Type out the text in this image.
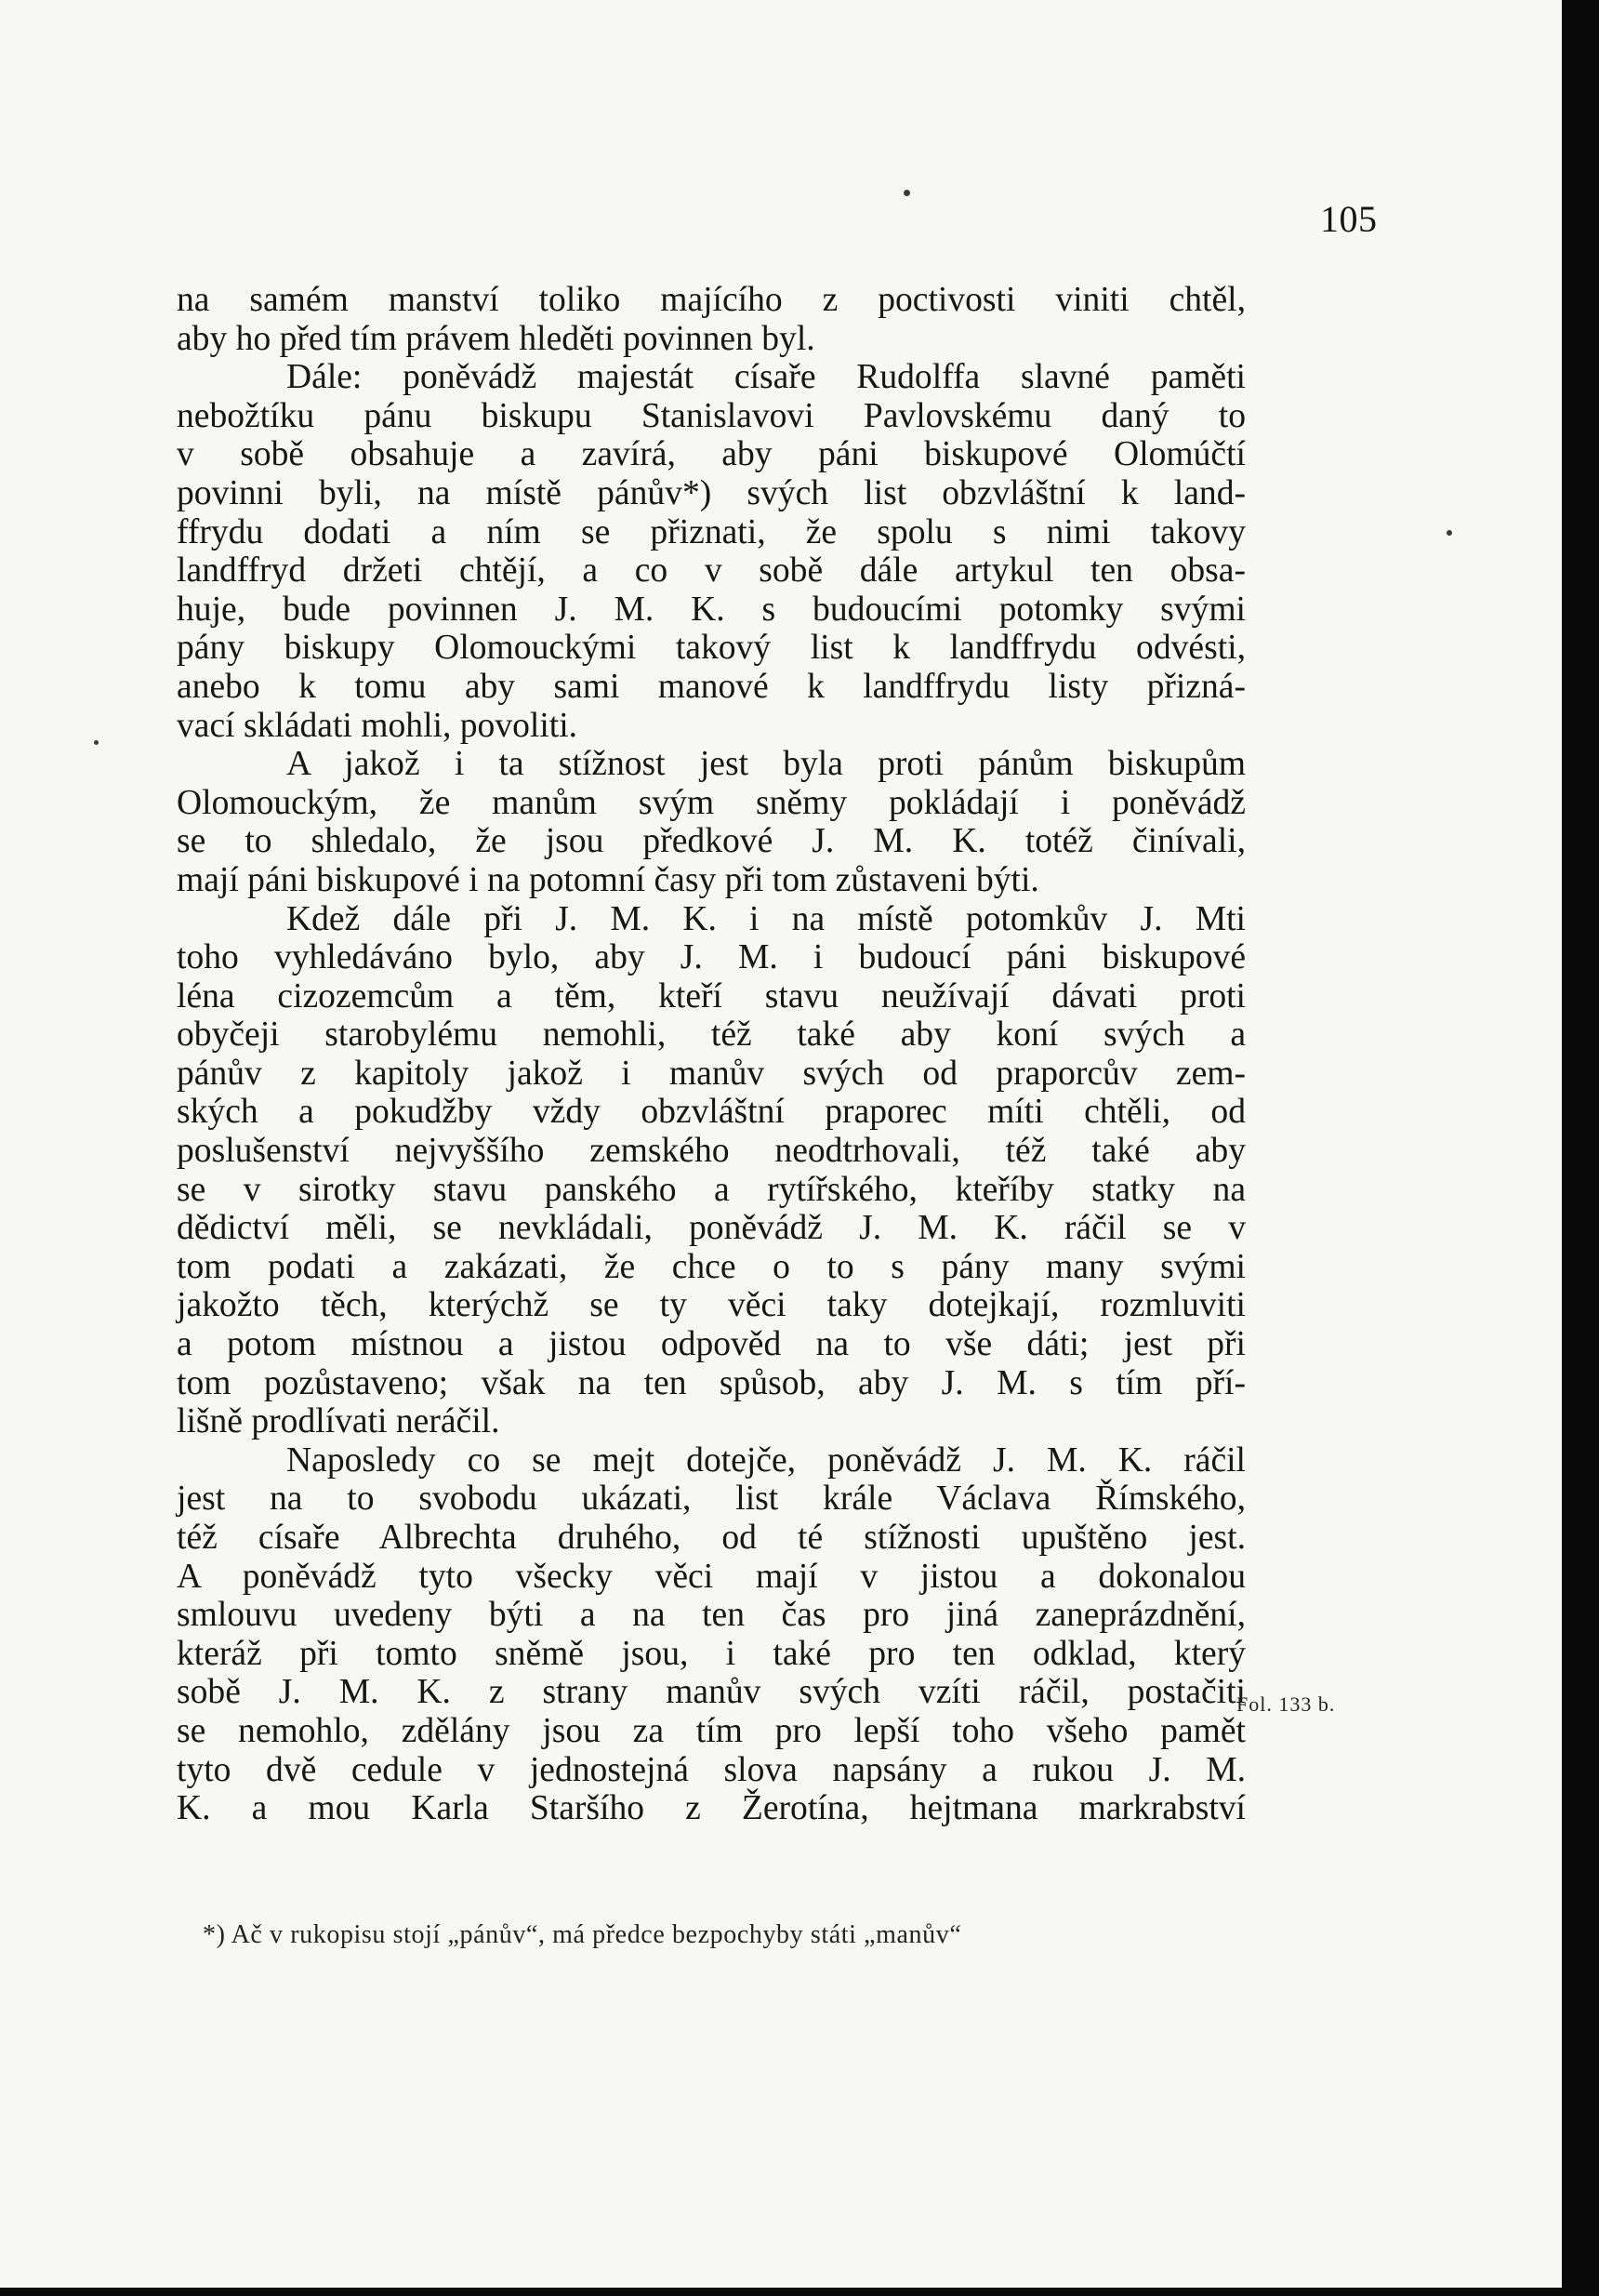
105
na samém manství toliko majícího z poctivosti viniti chtěl,
aby ho před tím právem hleděti povinnen byl.
Dále: poněvádž majestát císaře Rudolffa slavné paměti
nebožtíku pánu biskupu Stanislavovi Pavlovskému daný to
v sobě obsahuje a zavírá, aby páni biskupové Olomúčtí
povinni byli, na místě pánův*) svých list obzvláštní k land-
ffrydu dodati a ním se přiznati, že spolu s nimi takovy
landffryd držeti chtějí, a co v sobě dále artykul ten obsa-
huje, bude povinnen J. M. K. s budoucími potomky svými
pány biskupy Olomouckými takový list k landffrydu odvésti,
anebo k tomu aby sami manové k landffrydu listy přizná-
vací skládati mohli, povoliti.
A jakož i ta stížnost jest byla proti pánům biskupům
Olomouckým, že manům svým sněmy pokládají i poněvádž
se to shledalo, že jsou předkové J. M. K. totéž činívali,
mají páni biskupové i na potomní časy při tom zůstaveni býti.
Kdež dále při J. M. K. i na místě potomkův J. Mti
toho vyhledáváno bylo, aby J. M. i budoucí páni biskupové
léna cizozemcům a těm, kteří stavu neužívají dávati proti
obyčeji starobylému nemohli, též také aby koní svých a
pánův z kapitoly jakož i manův svých od praporcův zem-
ských a pokudžby vždy obzvláštní praporec míti chtěli, od
poslušenství nejvyššího zemského neodtrhovali, též také aby
se v sirotky stavu panského a rytířského, kteříby statky na
dědictví měli, se nevkládali, poněvádž J. M. K. ráčil se v
tom podati a zakázati, že chce o to s pány many svými
jakožto těch, kterýchž se ty věci taky dotejkají, rozmluviti
a potom místnou a jistou odpověd na to vše dáti; jest při
tom pozůstaveno; však na ten spůsob, aby J. M. s tím pří-
lišně prodlívati neráčil.
Naposledy co se mejt dotejče, poněvádž J. M. K. ráčil
jest na to svobodu ukázati, list krále Václava Římského,
též císaře Albrechta druhého, od té stížnosti upuštěno jest.
A poněvádž tyto všecky věci mají v jistou a dokonalou
smlouvu uvedeny býti a na ten čas pro jiná zaneprázdnění,
kteráž při tomto sněmě jsou, i také pro ten odklad, který
sobě J. M. K. z strany manův svých vzíti ráčil, postačiti
se nemohlo, zdělány jsou za tím pro lepší toho všeho pamět
tyto dvě cedule v jednostejná slova napsány a rukou J. M.
K. a mou Karla Staršího z Žerotína, hejtmana markrabství
Fol. 133 b.
*) Ač v rukopisu stojí „pánův“, má předce bezpochyby státi „manův“
